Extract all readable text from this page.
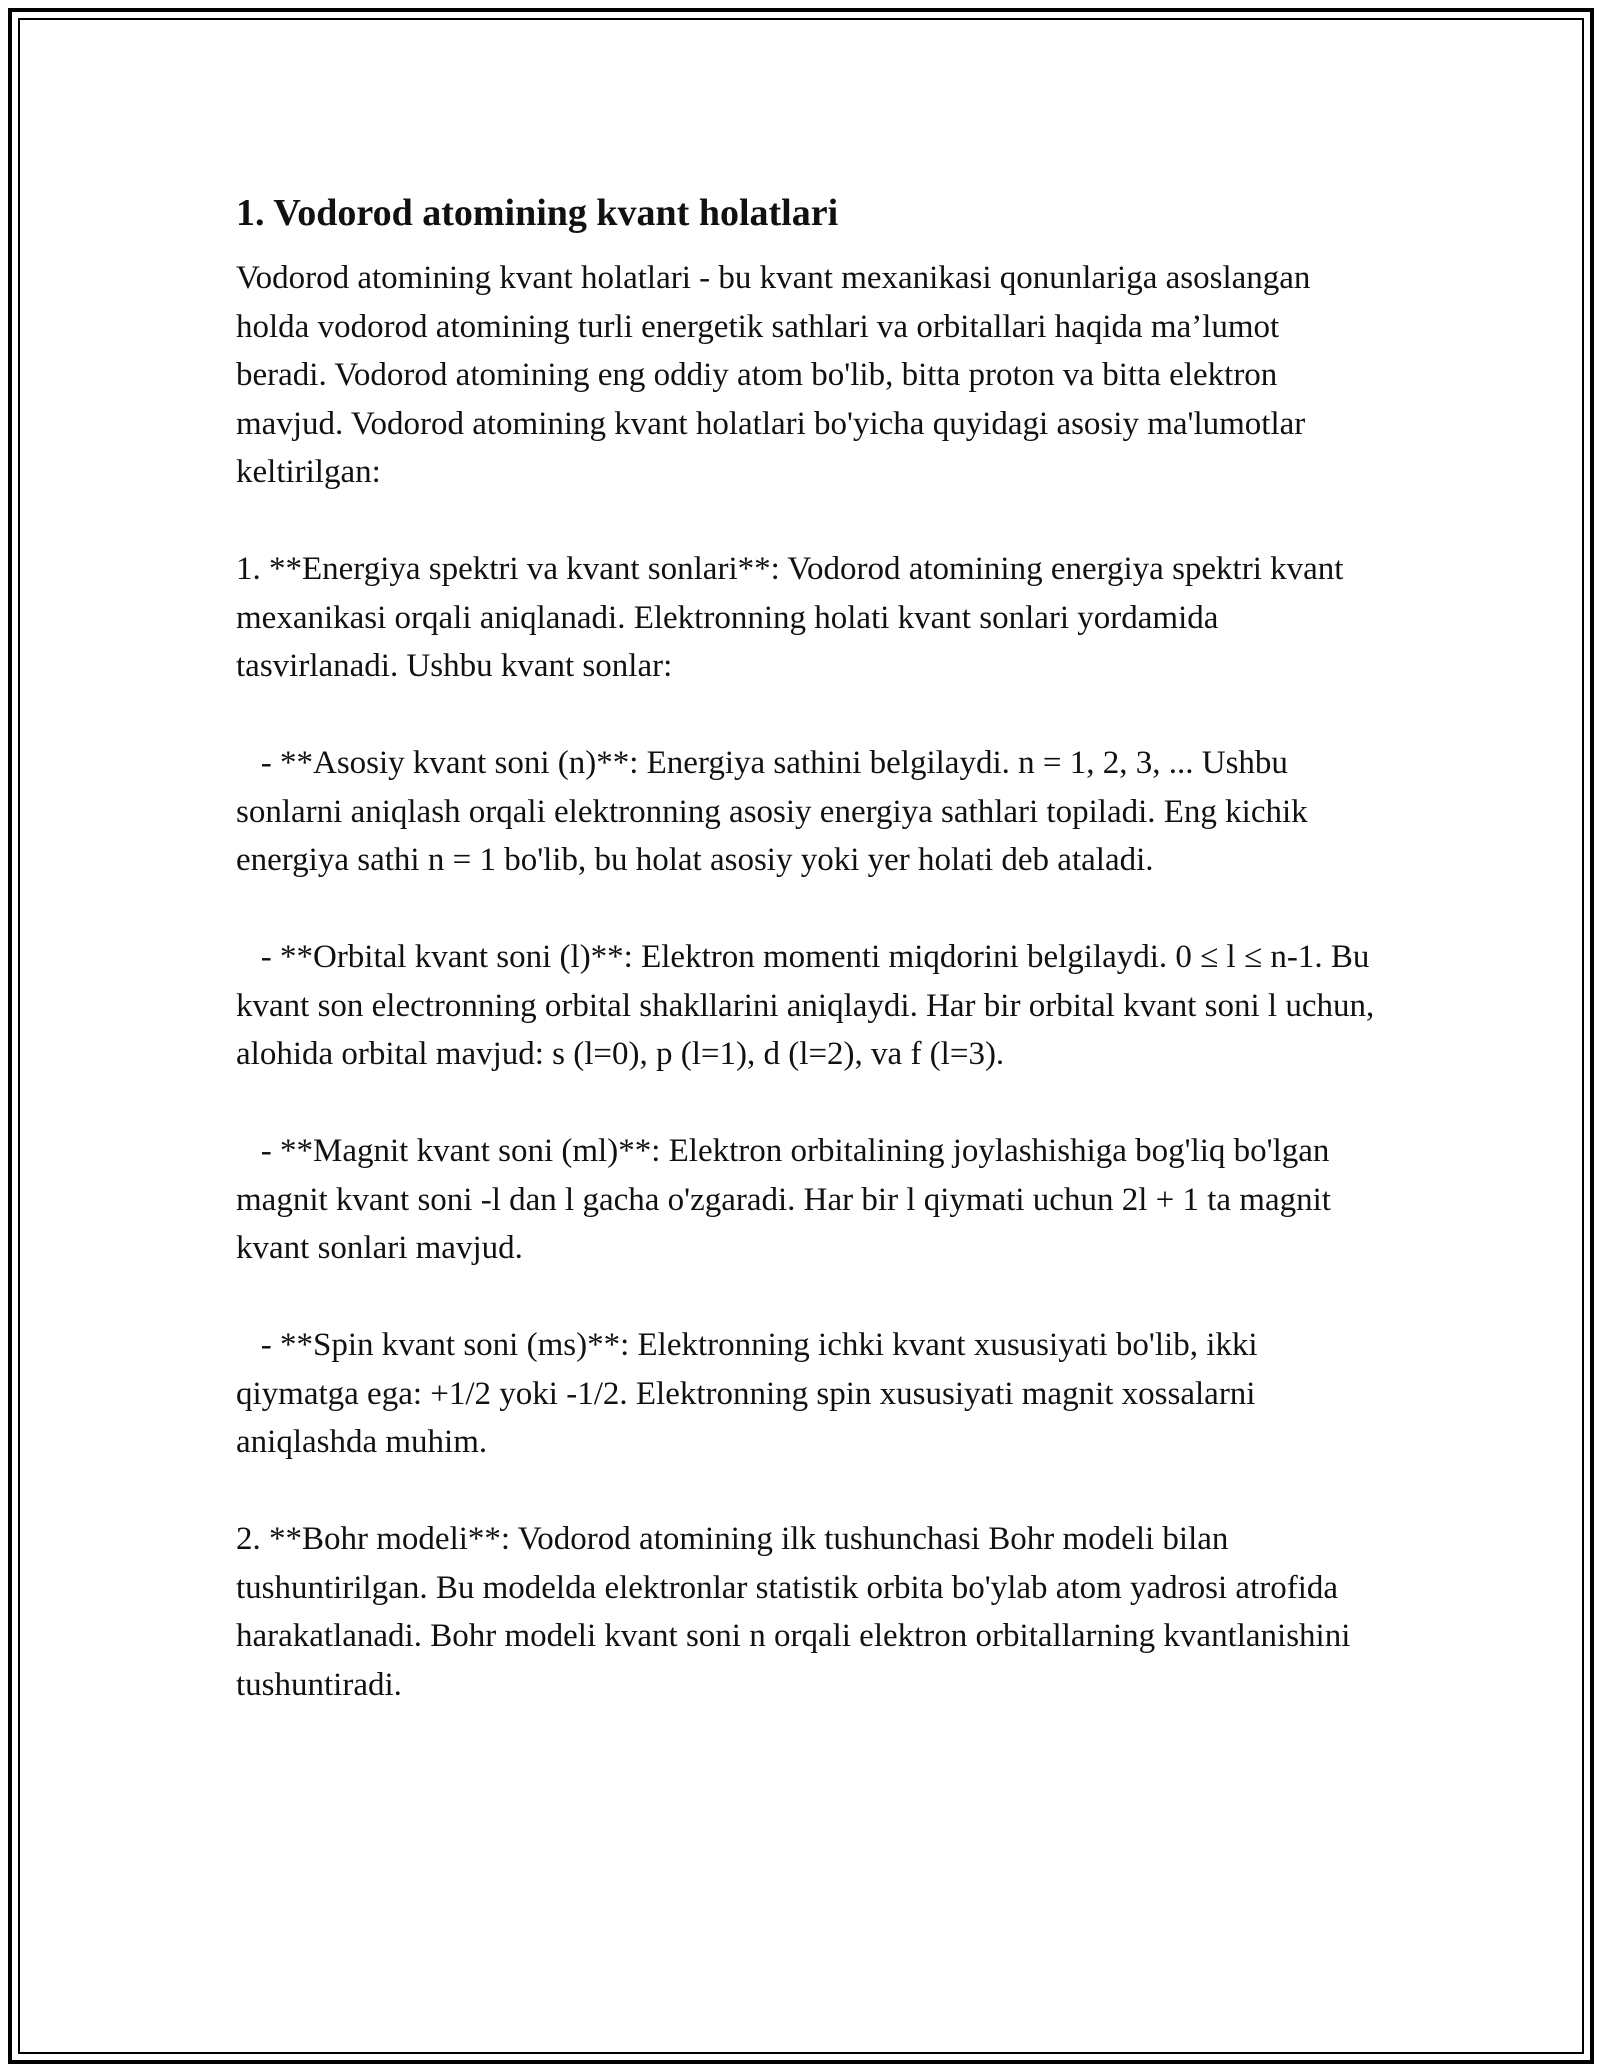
1. Vodorod atomining kvant holatlari

Vodorod atomining kvant holatlari - bu kvant mexanikasi qonunlariga asoslangan holda vodorod atomining turli energetik sathlari va orbitallari haqida ma’lumot beradi. Vodorod atomining eng oddiy atom bo'lib, bitta proton va bitta elektron mavjud. Vodorod atomining kvant holatlari bo'yicha quyidagi asosiy ma'lumotlar keltirilgan:

1. **Energiya spektri va kvant sonlari**: Vodorod atomining energiya spektri kvant mexanikasi orqali aniqlanadi. Elektronning holati kvant sonlari yordamida tasvirlanadi. Ushbu kvant sonlar:

- **Asosiy kvant soni (n)**: Energiya sathini belgilaydi. n = 1, 2, 3, ... Ushbu sonlarni aniqlash orqali elektronning asosiy energiya sathlari topiladi. Eng kichik energiya sathi n = 1 bo'lib, bu holat asosiy yoki yer holati deb ataladi.

- **Orbital kvant soni (l)**: Elektron momenti miqdorini belgilaydi. 0 ≤ l ≤ n-1. Bu kvant son electronning orbital shakllarini aniqlaydi. Har bir orbital kvant soni l uchun, alohida orbital mavjud: s (l=0), p (l=1), d (l=2), va f (l=3).

- **Magnit kvant soni (ml)**: Elektron orbitalining joylashishiga bog'liq bo'lgan magnit kvant soni -l dan l gacha o'zgaradi. Har bir l qiymati uchun 2l + 1 ta magnit kvant sonlari mavjud.

- **Spin kvant soni (ms)**: Elektronning ichki kvant xususiyati bo'lib, ikki qiymatga ega: +1/2 yoki -1/2. Elektronning spin xususiyati magnit xossalarni aniqlashda muhim.

2. **Bohr modeli**: Vodorod atomining ilk tushunchasi Bohr modeli bilan tushuntirilgan. Bu modelda elektronlar statistik orbita bo'ylab atom yadrosi atrofida harakatlanadi. Bohr modeli kvant soni n orqali elektron orbitallarning kvantlanishini tushuntiradi.
